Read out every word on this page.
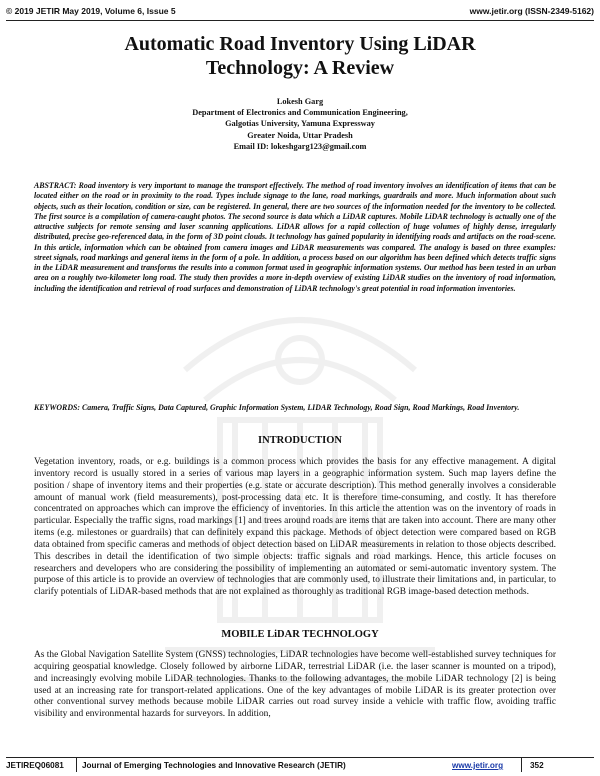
© 2019 JETIR May 2019, Volume 6, Issue 5	www.jetir.org (ISSN-2349-5162)
Automatic Road Inventory Using LiDAR
Technology: A Review
Lokesh Garg
Department of Electronics and Communication Engineering,
Galgotias University, Yamuna Expressway
Greater Noida, Uttar Pradesh
Email ID: lokeshgarg123@gmail.com
ABSTRACT: Road inventory is very important to manage the transport effectively. The method of road inventory involves an identification of items that can be located either on the road or in proximity to the road. Types include signage to the lane, road markings, guardrails and more. Much information about such objects, such as their location, condition or size, can be registered. In general, there are two sources of the information needed for the inventory to be collected. The first source is a compilation of camera-caught photos. The second source is data which a LiDAR captures. Mobile LiDAR technology is actually one of the attractive subjects for remote sensing and laser scanning applications. LiDAR allows for a rapid collection of huge volumes of highly dense, irregularly distributed, precise geo-referenced data, in the form of 3D point clouds. It technology has gained popularity in identifying roads and artifacts on the road-scene. In this article, information which can be obtained from camera images and LiDAR measurements was compared. The analogy is based on three examples: street signals, road markings and general items in the form of a pole. In addition, a process based on our algorithm has been defined which detects traffic signs in the LiDAR measurement and transforms the results into a common format used in geographic information systems. Our method has been tested in an urban area on a roughly two-kilometer long road. The study then provides a more in-depth overview of existing LiDAR studies on the inventory of road information, including the identification and retrieval of road surfaces and demonstration of LiDAR technology's great potential in road information inventories.
KEYWORDS: Camera, Traffic Signs, Data Captured, Graphic Information System, LIDAR Technology, Road Sign, Road Markings, Road Inventory.
INTRODUCTION
Vegetation inventory, roads, or e.g. buildings is a common process which provides the basis for any effective management. A digital inventory record is usually stored in a series of various map layers in a geographic information system. Such map layers define the position / shape of inventory items and their properties (e.g. state or accurate description). This method generally involves a considerable amount of manual work (field measurements), post-processing data etc. It is therefore time-consuming, and costly. It has therefore concentrated on approaches which can improve the efficiency of inventories. In this article the attention was on the inventory of roads in particular. Especially the traffic signs, road markings [1] and trees around roads are items that are taken into account. There are many other items (e.g. milestones or guardrails) that can definitely expand this package. Methods of object detection were compared based on RGB data obtained from specific cameras and methods of object detection based on LiDAR measurements in relation to those objects described. This describes in detail the identification of two simple objects: traffic signals and road markings. Hence, this article focuses on researchers and developers who are considering the possibility of implementing an automated or semi-automatic inventory system. The purpose of this article is to provide an overview of technologies that are commonly used, to illustrate their limitations and, in particular, to clarify potentials of LiDAR-based methods that are not explained as thoroughly as traditional RGB image-based detection methods.
MOBILE LiDAR TECHNOLOGY
As the Global Navigation Satellite System (GNSS) technologies, LiDAR technologies have become well-established survey techniques for acquiring geospatial knowledge. Closely followed by airborne LiDAR, terrestrial LiDAR (i.e. the laser scanner is mounted on a tripod), and increasingly evolving mobile LiDAR technologies. Thanks to the following advantages, the mobile LiDAR technology [2] is being used at an increasing rate for transport-related applications. One of the key advantages of mobile LiDAR is its greater protection over other conventional survey methods because mobile LiDAR carries out road survey inside a vehicle with traffic flow, avoiding traffic visibility and environmental hazards for surveyors. In addition,
JETIREQ06081 Journal of Emerging Technologies and Innovative Research (JETIR)	www.jetir.org	352
